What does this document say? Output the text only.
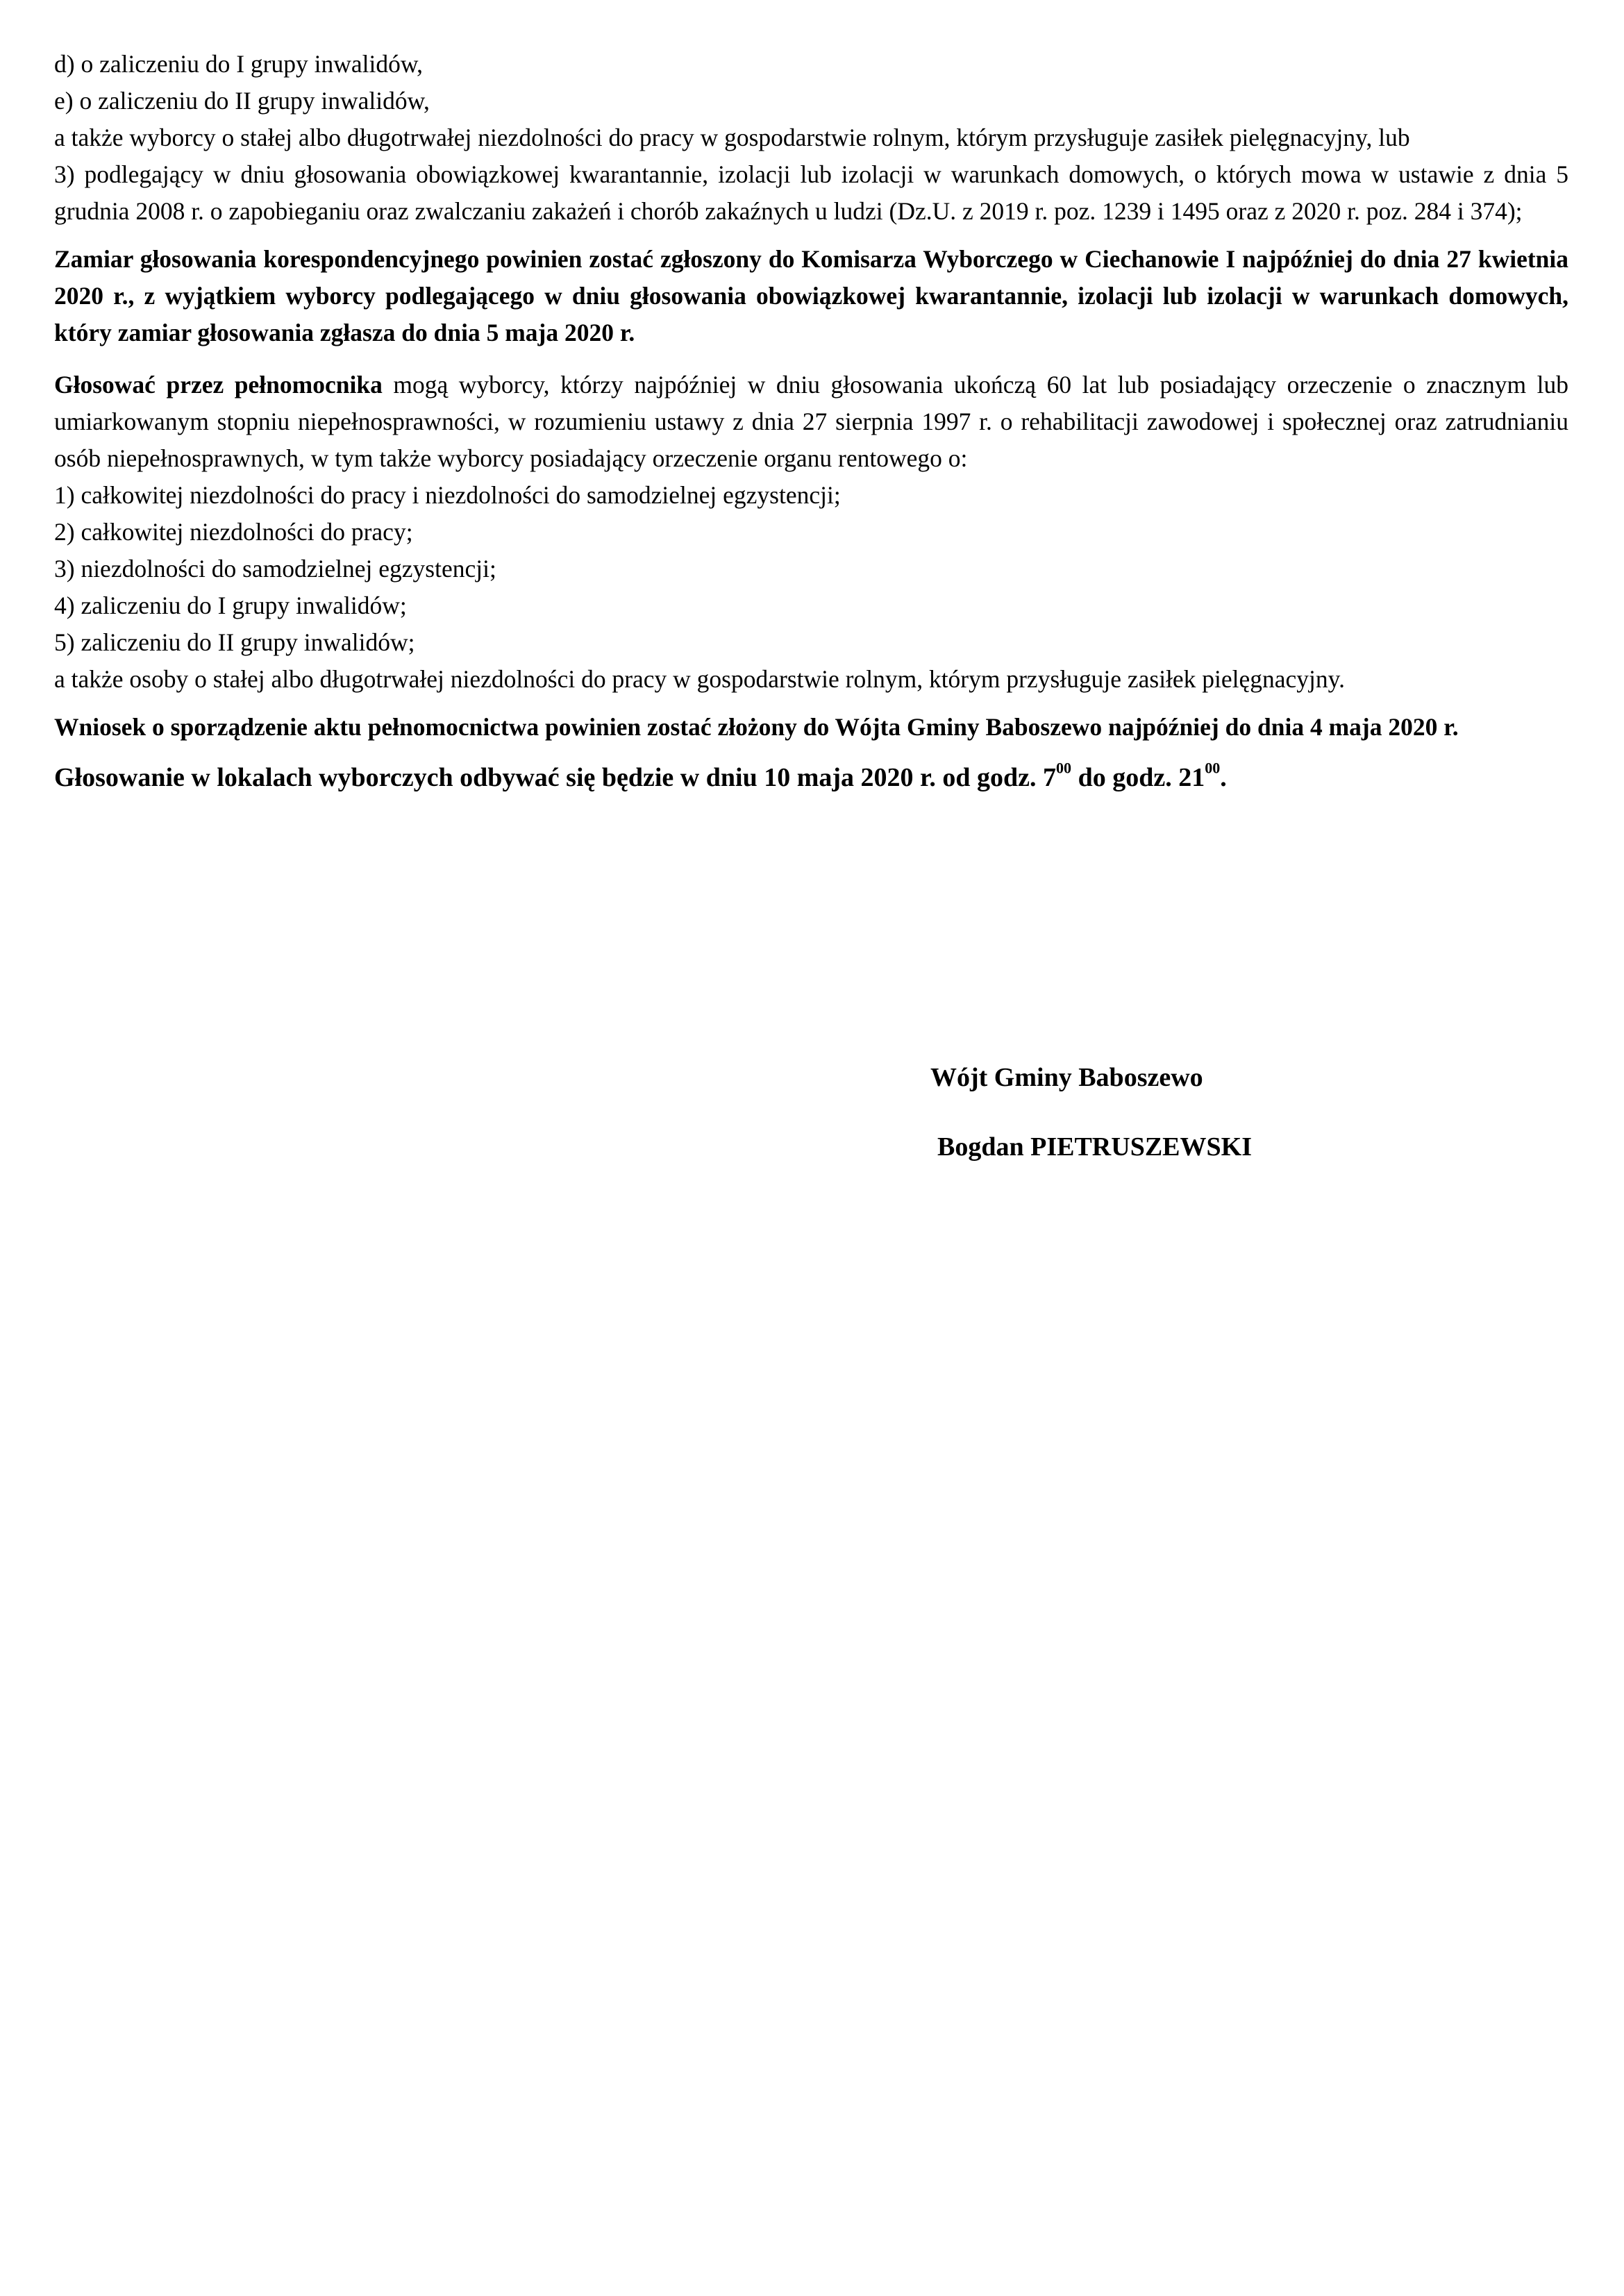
d) o zaliczeniu do I grupy inwalidów,

e) o zaliczeniu do II grupy inwalidów,

a także wyborcy o stałej albo długotrwałej niezdolności do pracy w gospodarstwie rolnym, którym przysługuje zasiłek pielęgnacyjny, lub

3) podlegający w dniu głosowania obowiązkowej kwarantannie, izolacji lub izolacji w warunkach domowych, o których mowa w ustawie z dnia 5 grudnia 2008 r. o zapobieganiu oraz zwalczaniu zakażeń i chorób zakaźnych u ludzi (Dz.U. z 2019 r. poz. 1239 i 1495 oraz z 2020 r. poz. 284 i 374);

Zamiar głosowania korespondencyjnego powinien zostać zgłoszony do Komisarza Wyborczego w Ciechanowie I najpóźniej do dnia 27 kwietnia 2020 r., z wyjątkiem wyborcy podlegającego w dniu głosowania obowiązkowej kwarantannie, izolacji lub izolacji w warunkach domowych, który zamiar głosowania zgłasza do dnia 5 maja 2020 r.

Głosować przez pełnomocnika mogą wyborcy, którzy najpóźniej w dniu głosowania ukończą 60 lat lub posiadający orzeczenie o znacznym lub umiarkowanym stopniu niepełnosprawności, w rozumieniu ustawy z dnia 27 sierpnia 1997 r. o rehabilitacji zawodowej i społecznej oraz zatrudnianiu osób niepełnosprawnych, w tym także wyborcy posiadający orzeczenie organu rentowego o:

1) całkowitej niezdolności do pracy i niezdolności do samodzielnej egzystencji;

2) całkowitej niezdolności do pracy;

3) niezdolności do samodzielnej egzystencji;

4) zaliczeniu do I grupy inwalidów;

5) zaliczeniu do II grupy inwalidów;

a także osoby o stałej albo długotrwałej niezdolności do pracy w gospodarstwie rolnym, którym przysługuje zasiłek pielęgnacyjny.

Wniosek o sporządzenie aktu pełnomocnictwa powinien zostać złożony do Wójta Gminy Baboszewo najpóźniej do dnia 4 maja 2020 r.

Głosowanie w lokalach wyborczych odbywać się będzie w dniu 10 maja 2020 r. od godz. $7^{00}$ do godz. $21^{00}$.

Wójt Gminy Baboszewo
Bogdan PIETRUSZEWSKI
